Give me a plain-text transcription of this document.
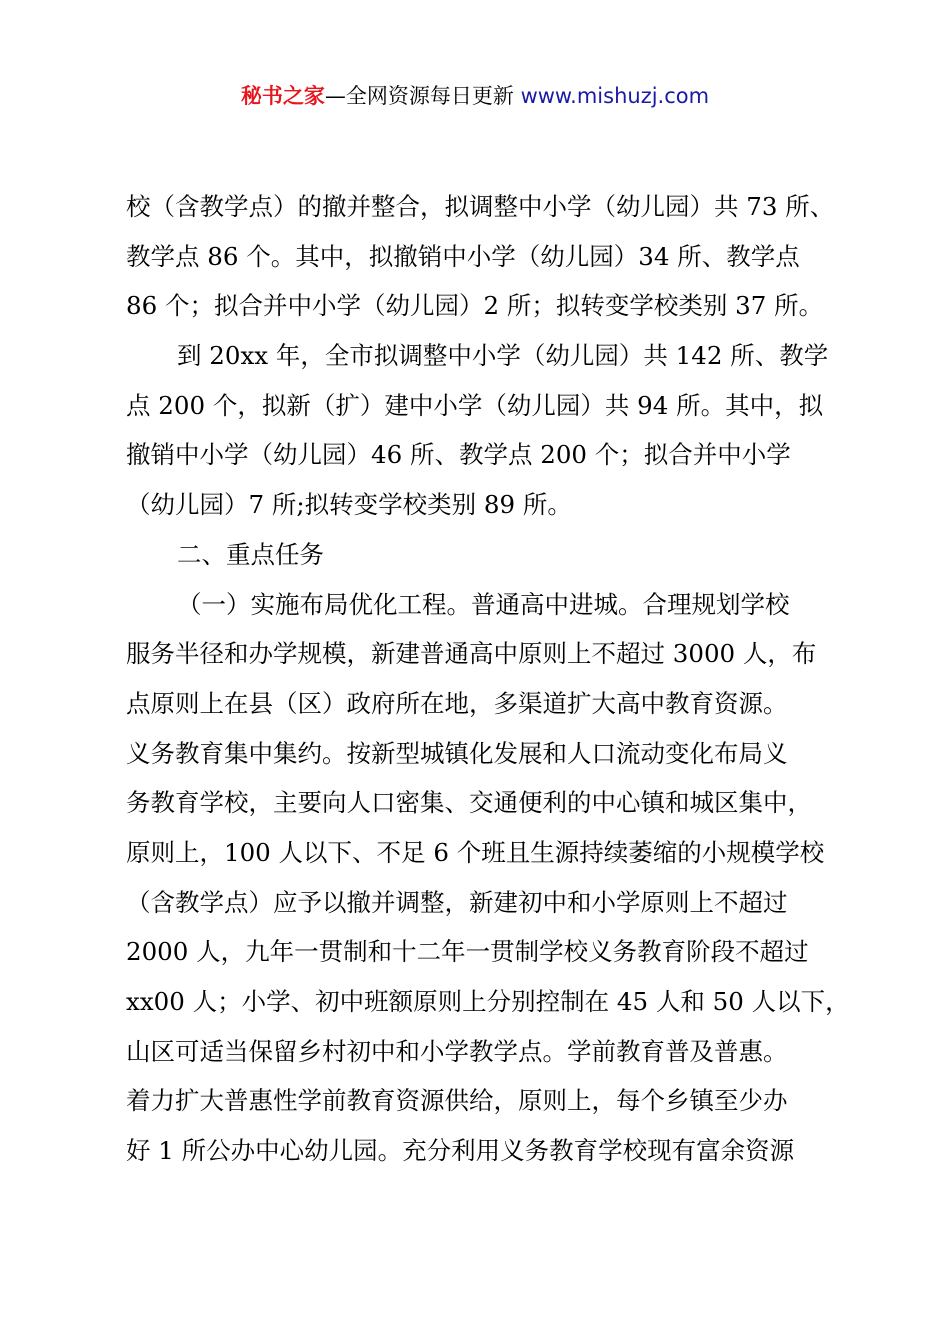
秘书之家—全网资源每日更新 www.mishuzj.com
校（含教学点）的撤并整合，拟调整中小学（幼儿园）共 73 所、
教学点 86 个。其中，拟撤销中小学（幼儿园）34 所、教学点
86 个；拟合并中小学（幼儿园）2 所；拟转变学校类别 37 所。
到 20xx 年，全市拟调整中小学（幼儿园）共 142 所、教学
点 200 个，拟新（扩）建中小学（幼儿园）共 94 所。其中，拟
撤销中小学（幼儿园）46 所、教学点 200 个；拟合并中小学
（幼儿园）7 所;拟转变学校类别 89 所。
二、重点任务
（一）实施布局优化工程。普通高中进城。合理规划学校
服务半径和办学规模，新建普通高中原则上不超过 3000 人，布
点原则上在县（区）政府所在地，多渠道扩大高中教育资源。
义务教育集中集约。按新型城镇化发展和人口流动变化布局义
务教育学校，主要向人口密集、交通便利的中心镇和城区集中，
原则上，100 人以下、不足 6 个班且生源持续萎缩的小规模学校
（含教学点）应予以撤并调整，新建初中和小学原则上不超过
2000 人，九年一贯制和十二年一贯制学校义务教育阶段不超过
xx00 人；小学、初中班额原则上分别控制在 45 人和 50 人以下，
山区可适当保留乡村初中和小学教学点。学前教育普及普惠。
着力扩大普惠性学前教育资源供给，原则上，每个乡镇至少办
好 1 所公办中心幼儿园。充分利用义务教育学校现有富余资源
